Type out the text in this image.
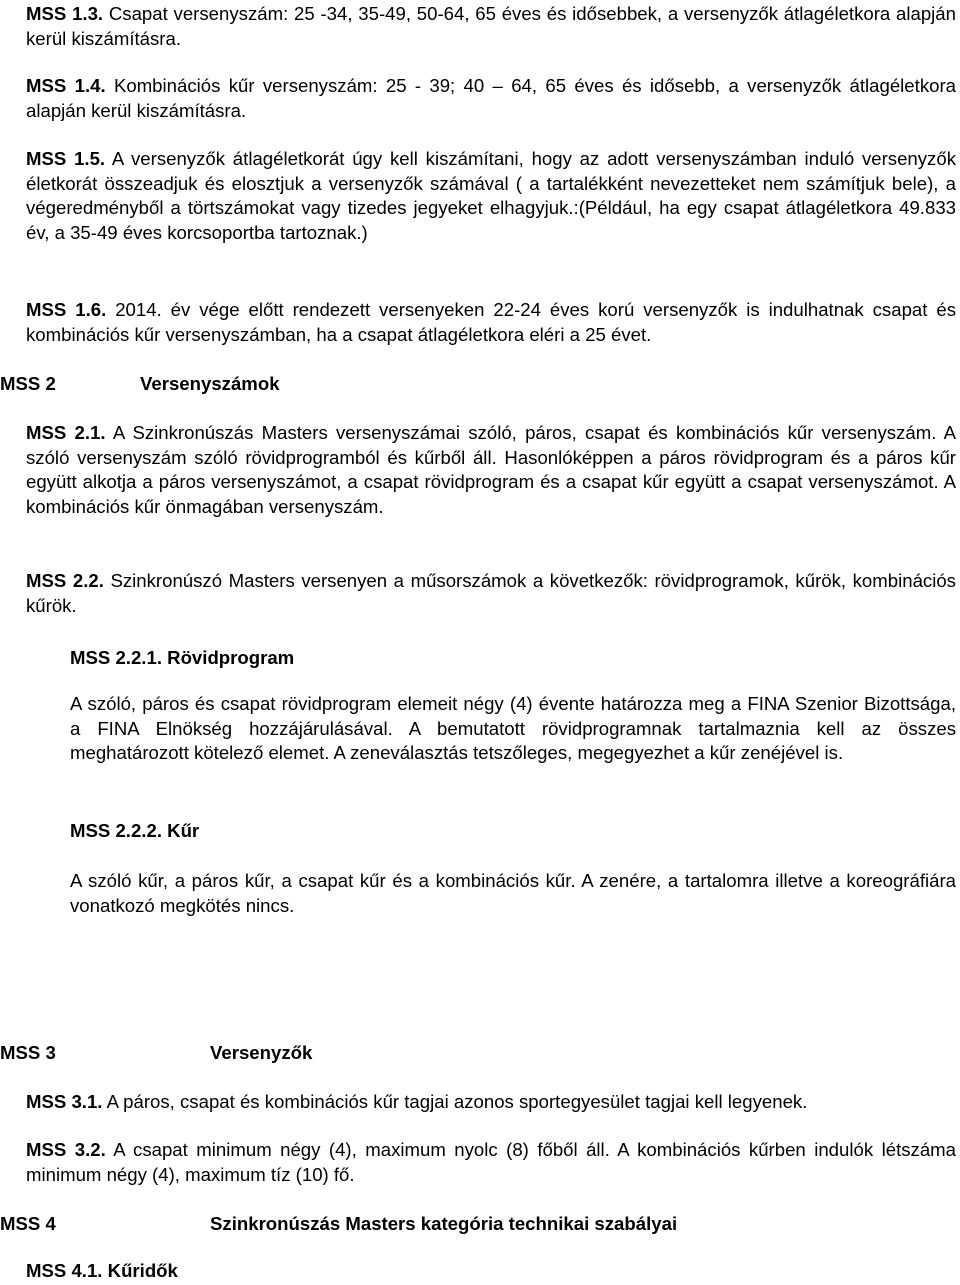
MSS 1.3. Csapat versenyszám: 25 -34, 35-49, 50-64, 65 éves és idősebbek, a versenyzők átlagéletkora alapján kerül kiszámításra.

MSS 1.4. Kombinációs kűr versenyszám: 25 - 39; 40 – 64, 65 éves és idősebb, a versenyzők átlagéletkora alapján kerül kiszámításra.

MSS 1.5. A versenyzők átlagéletkorát úgy kell kiszámítani, hogy az adott versenyszámban induló versenyzők életkorát összeadjuk és elosztjuk a versenyzők számával ( a tartalékként nevezetteket nem számítjuk bele), a végeredményből a törtszámokat vagy tizedes jegyeket elhagyjuk.:(Például, ha egy csapat átlagéletkora 49.833 év, a 35-49 éves korcsoportba tartoznak.)

MSS 1.6. 2014. év vége előtt rendezett versenyeken 22-24 éves korú versenyzők is indulhatnak csapat és kombinációs kűr versenyszámban, ha a csapat átlagéletkora eléri a 25 évet.

MSS 2	Versenyszámok

MSS 2.1. A Szinkronúszás Masters versenyszámai szóló, páros, csapat és kombinációs kűr versenyszám. A szóló versenyszám szóló rövidprogramból és kűrből áll. Hasonlóképpen a páros rövidprogram és a páros kűr együtt alkotja a páros versenyszámot, a csapat rövidprogram és a csapat kűr együtt a csapat versenyszámot. A kombinációs kűr önmagában versenyszám.

MSS 2.2. Szinkronúszó Masters versenyen a műsorszámok a következők: rövidprogramok, kűrök, kombinációs kűrök.

MSS 2.2.1. Rövidprogram

A szóló, páros és csapat rövidprogram elemeit négy (4) évente határozza meg a FINA Szenior Bizottsága, a FINA Elnökség hozzájárulásával. A bemutatott rövidprogramnak tartalmaznia kell az összes meghatározott kötelező elemet. A zeneválasztás tetszőleges, megegyezhet a kűr zenéjével is.

MSS 2.2.2. Kűr

A szóló kűr, a páros kűr, a csapat kűr és a kombinációs kűr. A zenére, a tartalomra illetve a koreográfiára vonatkozó megkötés nincs.

MSS 3	Versenyzők

MSS 3.1. A páros, csapat és kombinációs kűr tagjai azonos sportegyesület tagjai kell legyenek.

MSS 3.2. A csapat minimum négy (4), maximum nyolc (8) főből áll. A kombinációs kűrben indulók létszáma minimum négy (4), maximum tíz (10) fő.

MSS 4	Szinkronúszás Masters kategória technikai szabályai

MSS 4.1. Kűridők
